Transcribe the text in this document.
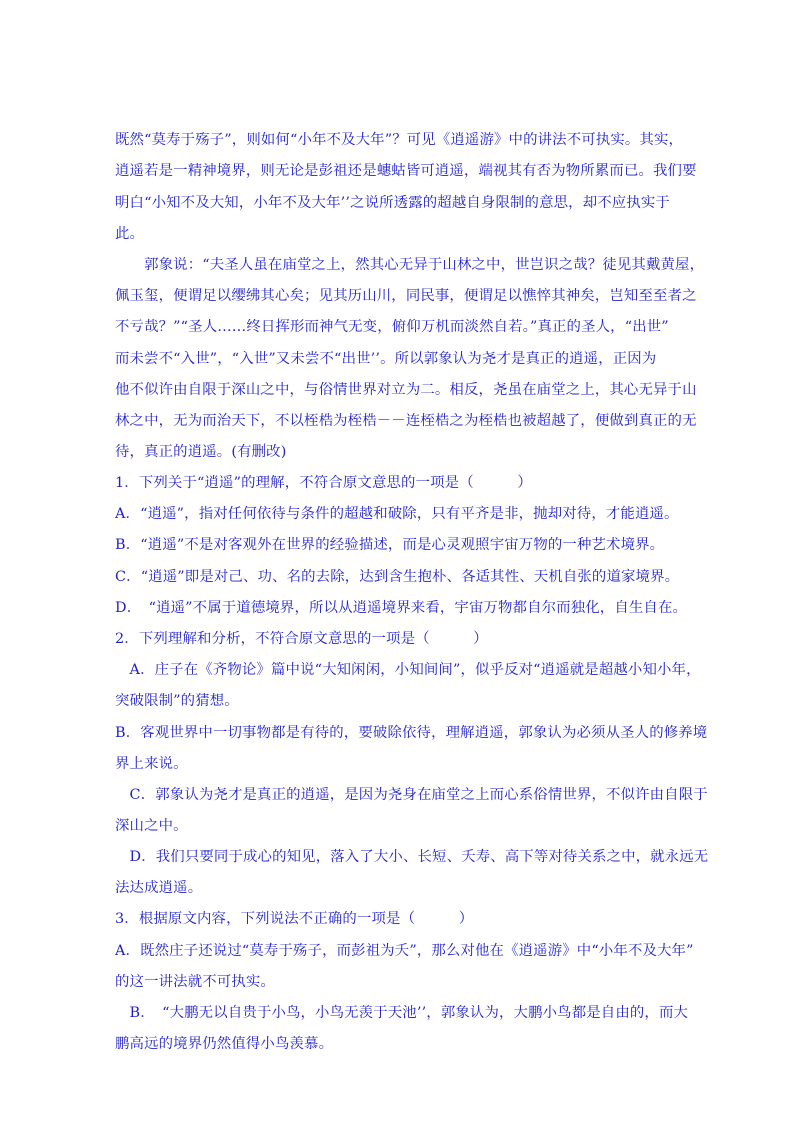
既然“莫寿于殇子”，则如何“小年不及大年”？可见《逍遥游》中的讲法不可执实。其实，
逍遥若是一精神境界，则无论是彭祖还是蟪蛄皆可逍遥，端视其有否为物所累而已。我们要
明白“小知不及大知，小年不及大年’’之说所透露的超越自身限制的意思，却不应执实于
此。
　　郭象说：“夫圣人虽在庙堂之上，然其心无异于山林之中，世岂识之哉？徒见其戴黄屋，
佩玉玺，便谓足以缨绋其心矣；见其历山川，同民事，便谓足以憔悴其神矣，岂知至至者之
不亏哉？”“圣人……终日挥形而神气无变，俯仰万机而淡然自若。”真正的圣人，“出世”
而未尝不“入世”，“入世”又未尝不“出世’’。所以郭象认为尧才是真正的逍遥，正因为
他不似许由自限于深山之中，与俗情世界对立为二。相反，尧虽在庙堂之上，其心无异于山
林之中，无为而治天下，不以桎梏为桎梏－－连桎梏之为桎梏也被超越了，便做到真正的无
待，真正的逍遥。(有删改)
1．下列关于“逍遥”的理解，不符合原文意思的一项是（　　　）
A．“逍遥”，指对任何依待与条件的超越和破除，只有平齐是非，抛却对待，才能逍遥。
B．“逍遥”不是对客观外在世界的经验描述，而是心灵观照宇宙万物的一种艺术境界。
C．“逍遥”即是对己、功、名的去除，达到含生抱朴、各适其性、天机自张的道家境界。
D．　“逍遥”不属于道德境界，所以从逍遥境界来看，宇宙万物都自尔而独化，自生自在。
2．下列理解和分析，不符合原文意思的一项是（　　　）
　A．庄子在《齐物论》篇中说“大知闲闲，小知间间”，似乎反对“逍遥就是超越小知小年，
突破限制”的猜想。
B．客观世界中一切事物都是有待的，要破除依待，理解逍遥，郭象认为必须从圣人的修养境
界上来说。
　C．郭象认为尧才是真正的逍遥，是因为尧身在庙堂之上而心系俗情世界，不似许由自限于
深山之中。
　D．我们只要同于成心的知见，落入了大小、长短、夭寿、高下等对待关系之中，就永远无
法达成逍遥。
3．根据原文内容，下列说法不正确的一项是（　　　）
A．既然庄子还说过“莫寿于殇子，而彭祖为夭”，那么对他在《逍遥游》中“小年不及大年”
的这一讲法就不可执实。
　B．　“大鹏无以自贵于小鸟，小鸟无羡于天池’’，郭象认为，大鹏小鸟都是自由的，而大
鹏高远的境界仍然值得小鸟羡慕。
